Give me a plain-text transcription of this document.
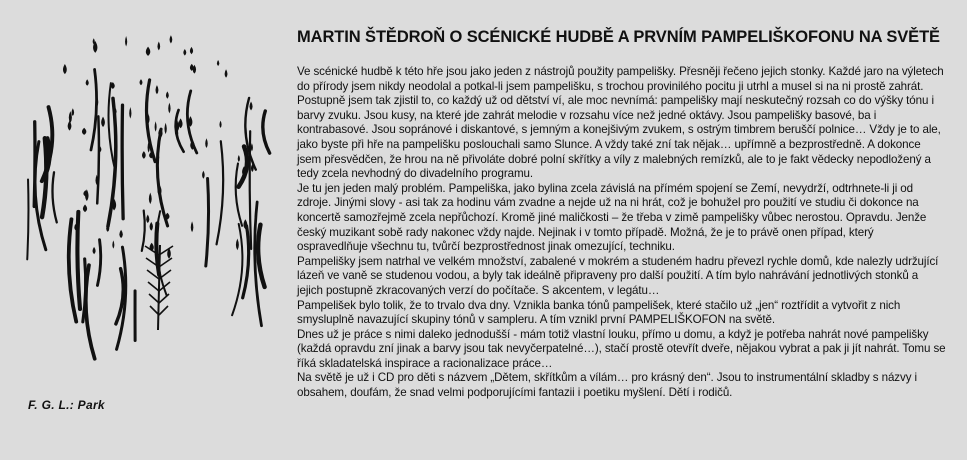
F. G. L.: Park
MARTIN ŠTĚDROŇ O SCÉNICKÉ HUDBĚ A PRVNÍM PAMPELIŠKOFONU NA SVĚTĚ

Ve scénické hudbě k této hře jsou jako jeden z nástrojů použity pampelišky. Přesněji řečeno jejich stonky. Každé jaro na výletech do přírody jsem nikdy neodolal a potkal-li jsem pampelišku, s trochou provinilého pocitu ji utrhl a musel si na ni prostě zahrát. Postupně jsem tak zjistil to, co každý už od dětství ví, ale moc nevnímá: pampelišky mají neskutečný rozsah co do výšky tónu i barvy zvuku. Jsou kusy, na které jde zahrát melodie v rozsahu více než jedné oktávy. Jsou pampelišky basové, ba i kontrabasové. Jsou sopránové i diskantové, s jemným a konejšivým zvukem, s ostrým timbrem beruščí polnice… Vždy je to ale, jako byste při hře na pampelišku poslouchali samo Slunce. A vždy také zní tak nějak… upřímně a bezprostředně. A dokonce jsem přesvědčen, že hrou na ně přivoláte dobré polní skřítky a víly z malebných remízků, ale to je fakt vědecky nepodložený a tedy zcela nevhodný do divadelního programu.

Je tu jen jeden malý problém. Pampeliška, jako bylina zcela závislá na přímém spojení se Zemí, nevydrží, odtrhnete-li ji od zdroje. Jinými slovy - asi tak za hodinu vám zvadne a nejde už na ni hrát, což je bohužel pro použití ve studiu či dokonce na koncertě samozřejmě zcela nepřůchozí. Kromě jiné maličkosti – že třeba v zimě pampelišky vůbec nerostou. Opravdu. Jenže český muzikant sobě rady nakonec vždy najde. Nejinak i v tomto případě. Možná, že je to právě onen případ, který ospravedlňuje všechnu tu, tvůrčí bezprostřednost jinak omezující, techniku.

Pampelišky jsem natrhal ve velkém množství, zabalené v mokrém a studeném hadru převezl rychle domů, kde nalezly udržující lázeň ve vaně se studenou vodou, a byly tak ideálně připraveny pro další použití. A tím bylo nahrávání jednotlivých stonků a jejich postupně zkracovaných verzí do počítače. S akcentem, v legátu…

Pampelišek bylo tolik, že to trvalo dva dny. Vznikla banka tónů pampelišek, které stačilo už „jen“ roztřídit a vytvořit z nich smysluplně navazující skupiny tónů v sampleru. A tím vznikl první PAMPELIŠKOFON na světě.

Dnes už je práce s nimi daleko jednodušší - mám totiž vlastní louku, přímo u domu, a když je potřeba nahrát nové pampelišky (každá opravdu zní jinak a barvy jsou tak nevyčerpatelné…), stačí prostě otevřít dveře, nějakou vybrat a pak ji jít nahrát. Tomu se říká skladatelská inspirace a racionalizace práce…

Na světě je už i CD pro děti s názvem „Dětem, skřítkům a vílám… pro krásný den“. Jsou to instrumentální skladby s názvy i obsahem, doufám, že snad velmi podporujícími fantazii i poetiku myšlení. Dětí i rodičů.
